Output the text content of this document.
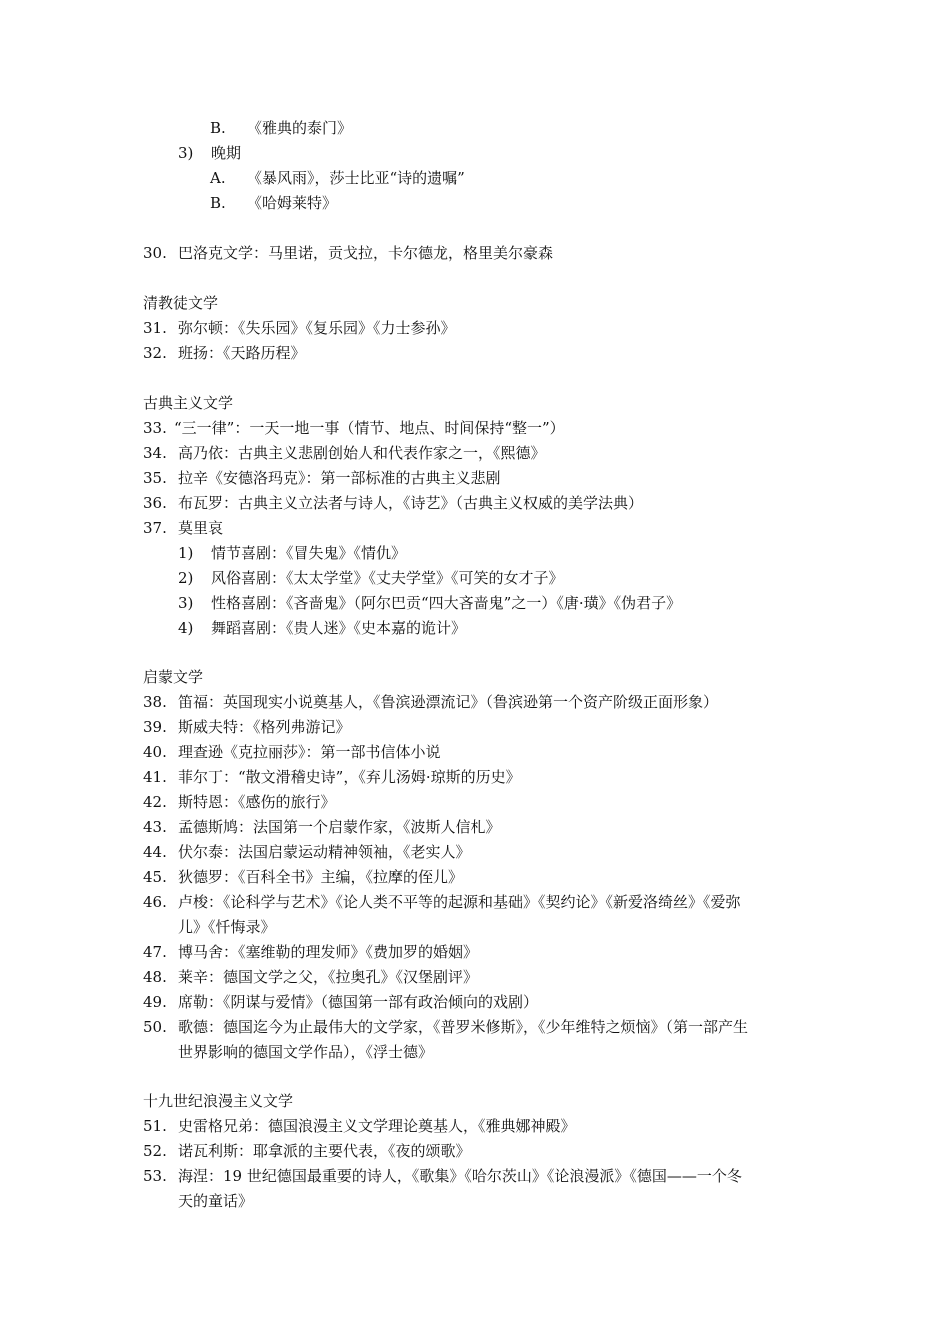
B. 《雅典的泰门》
3) 晚期
A. 《暴风雨》，莎士比亚“诗的遗嘱”
B. 《哈姆莱特》
30. 巴洛克文学：马里诺，贡戈拉，卡尔德龙，格里美尔豪森
清教徒文学
31. 弥尔顿：《失乐园》《复乐园》《力士参孙》
32. 班扬：《天路历程》
古典主义文学
33. “三一律”：一天一地一事（情节、地点、时间保持“整一”）
34. 高乃依：古典主义悲剧创始人和代表作家之一，《熙德》
35. 拉辛《安德洛玛克》：第一部标准的古典主义悲剧
36. 布瓦罗：古典主义立法者与诗人，《诗艺》（古典主义权威的美学法典）
37. 莫里哀
1) 情节喜剧：《冒失鬼》《情仇》
2) 风俗喜剧：《太太学堂》《丈夫学堂》《可笑的女才子》
3) 性格喜剧：《吝啬鬼》（阿尔巴贡“四大吝啬鬼”之一）《唐·璜》《伪君子》
4) 舞蹈喜剧：《贵人迷》《史本嘉的诡计》
启蒙文学
38. 笛福：英国现实小说奠基人，《鲁滨逊漂流记》（鲁滨逊第一个资产阶级正面形象）
39. 斯威夫特：《格列弗游记》
40. 理查逊《克拉丽莎》：第一部书信体小说
41. 菲尔丁：“散文滑稽史诗”，《弃儿汤姆·琼斯的历史》
42. 斯特恩：《感伤的旅行》
43. 孟德斯鸠：法国第一个启蒙作家，《波斯人信札》
44. 伏尔泰：法国启蒙运动精神领袖，《老实人》
45. 狄德罗：《百科全书》主编，《拉摩的侄儿》
46. 卢梭：《论科学与艺术》《论人类不平等的起源和基础》《契约论》《新爱洛绮丝》《爱弥
儿》《忏悔录》
47. 博马舍：《塞维勒的理发师》《费加罗的婚姻》
48. 莱辛：德国文学之父，《拉奥孔》《汉堡剧评》
49. 席勒：《阴谋与爱情》（德国第一部有政治倾向的戏剧）
50. 歌德：德国迄今为止最伟大的文学家，《普罗米修斯》，《少年维特之烦恼》（第一部产生
世界影响的德国文学作品），《浮士德》
十九世纪浪漫主义文学
51. 史雷格兄弟：德国浪漫主义文学理论奠基人，《雅典娜神殿》
52. 诺瓦利斯：耶拿派的主要代表，《夜的颂歌》
53. 海涅：19 世纪德国最重要的诗人，《歌集》《哈尔茨山》《论浪漫派》《德国——一个冬
天的童话》
